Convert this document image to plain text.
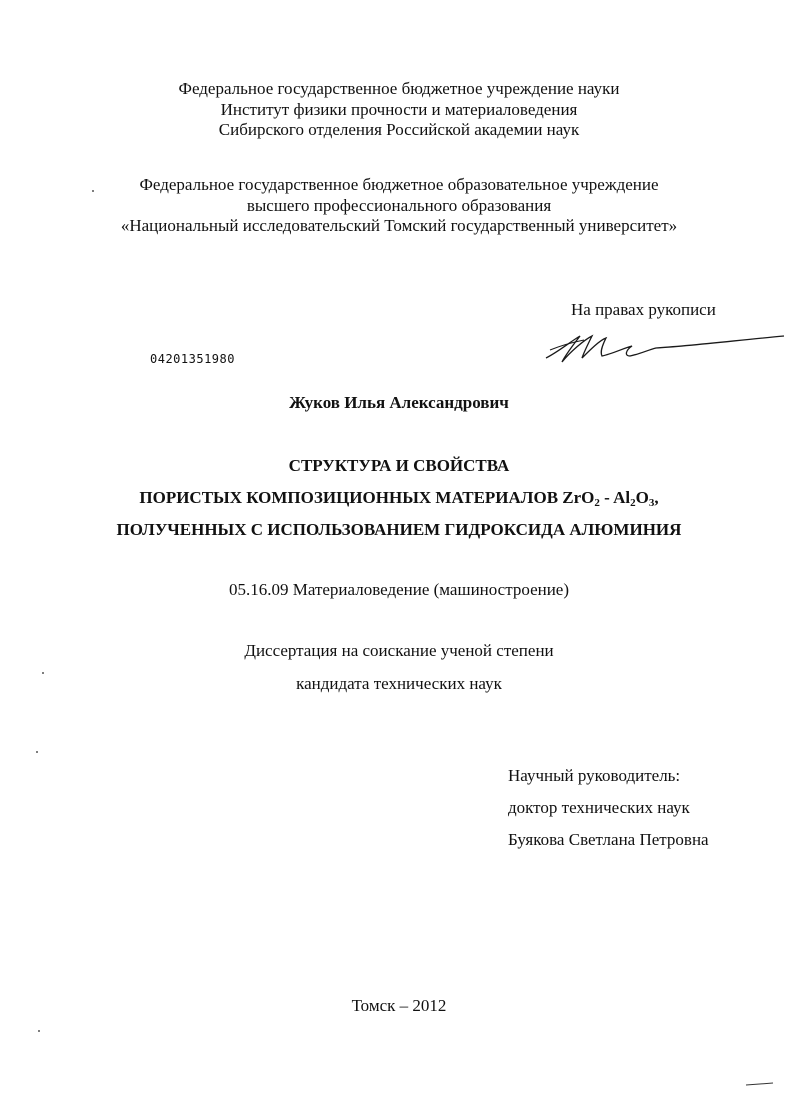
Федеральное государственное бюджетное учреждение науки
Институт физики прочности и материаловедения
Сибирского отделения Российской академии наук
Федеральное государственное бюджетное образовательное учреждение
высшего профессионального образования
«Национальный исследовательский Томский государственный университет»
На правах рукописи
04201351980
Жуков Илья Александрович
СТРУКТУРА И СВОЙСТВА
ПОРИСТЫХ КОМПОЗИЦИОННЫХ МАТЕРИАЛОВ $ZrO_2 - Al_2O_3$,
ПОЛУЧЕННЫХ С ИСПОЛЬЗОВАНИЕМ ГИДРОКСИДА АЛЮМИНИЯ
05.16.09 Материаловедение (машиностроение)
Диссертация на соискание ученой степени
кандидата технических наук
Научный руководитель:
доктор технических наук
Буякова Светлана Петровна
Томск – 2012
